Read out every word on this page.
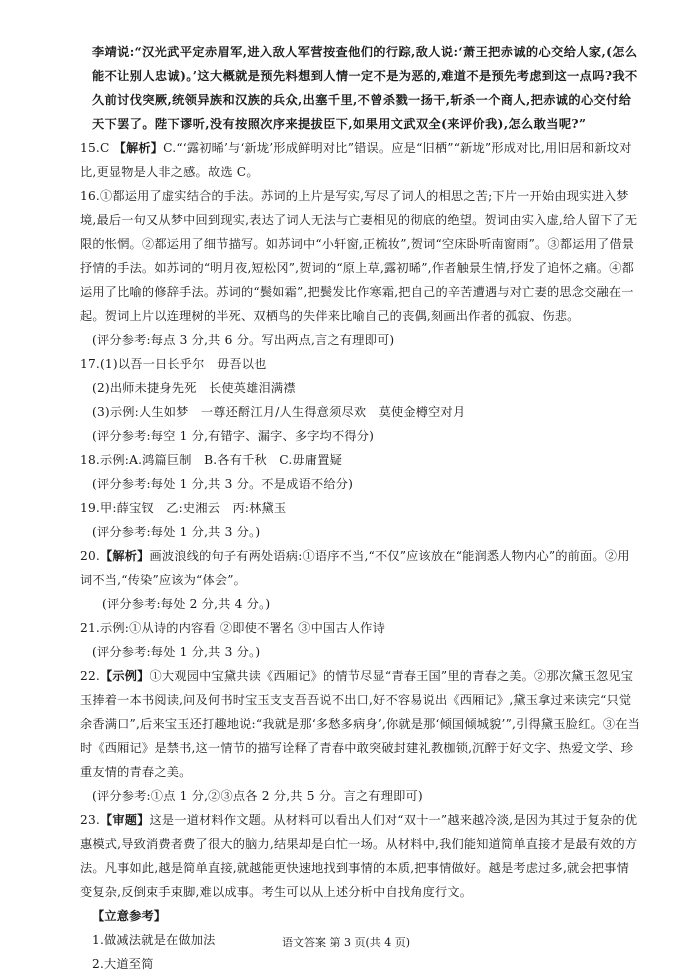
李靖说:“汉光武平定赤眉军,进入敌人军营按查他们的行踪,敌人说:‘萧王把赤诚的心交给人家,(怎么能不让别人忠诚)。’这大概就是预先料想到人情一定不是为恶的,难道不是预先考虑到这一点吗?我不久前讨伐突厥,统领异族和汉族的兵众,出塞千里,不曾杀戮一扬干,斩杀一个商人,把赤诚的心交付给天下罢了。陛下谬听,没有按照次序来提拔臣下,如果用文武双全(来评价我),怎么敢当呢?”

15.C 【解析】C.“‘露初晞’与‘新垅’形成鲜明对比”错误。应是“旧栖”“新垅”形成对比,用旧居和新坟对比,更显物是人非之感。故选 C。

16.①都运用了虚实结合的手法。苏词的上片是写实,写尽了词人的相思之苦;下片一开始由现实进入梦境,最后一句又从梦中回到现实,表达了词人无法与亡妻相见的彻底的绝望。贺词由实入虚,给人留下了无限的怅惘。②都运用了细节描写。如苏词中“小轩窗,正梳妆”,贺词“空床卧听南窗雨”。③都运用了借景抒情的手法。如苏词的“明月夜,短松冈”,贺词的“原上草,露初晞”,作者触景生情,抒发了追怀之痛。④都运用了比喻的修辞手法。苏词的“鬓如霜”,把鬓发比作寒霜,把自己的辛苦遭遇与对亡妻的思念交融在一起。贺词上片以连理树的半死、双栖鸟的失伴来比喻自己的丧偶,刻画出作者的孤寂、伤悲。

(评分参考:每点 3 分,共 6 分。写出两点,言之有理即可)

17.(1)以吾一日长乎尔　毋吾以也

(2)出师未捷身先死　长使英雄泪满襟

(3)示例:人生如梦　一尊还酹江月/人生得意须尽欢　莫使金樽空对月

(评分参考:每空 1 分,有错字、漏字、多字均不得分)

18.示例:A.鸿篇巨制　B.各有千秋　C.毋庸置疑

(评分参考:每处 1 分,共 3 分。不是成语不给分)

19.甲:薛宝钗　乙:史湘云　丙:林黛玉

(评分参考:每处 1 分,共 3 分。)

20.【解析】画波浪线的句子有两处语病:①语序不当,“不仅”应该放在“能润悉人物内心”的前面。②用词不当,“传染”应该为“体会”。

(评分参考:每处 2 分,共 4 分。)

21.示例:①从诗的内容看 ②即使不署名 ③中国古人作诗

(评分参考:每处 1 分,共 3 分。)

22.【示例】①大观园中宝黛共读《西厢记》的情节尽显“青春王国”里的青春之美。②那次黛玉忽见宝玉捧着一本书阅读,问及何书时宝玉支支吾吾说不出口,好不容易说出《西厢记》,黛玉拿过来读完“只觉余香满口”,后来宝玉还打趣地说:“我就是那‘多愁多病身’,你就是那‘倾国倾城貌’”,引得黛玉脸红。③在当时《西厢记》是禁书,这一情节的描写诠释了青春中敢突破封建礼教枷锁,沉醉于好文字、热爱文学、珍重友情的青春之美。

(评分参考:①点 1 分,②③点各 2 分,共 5 分。言之有理即可)

23.【审题】这是一道材料作文题。从材料可以看出人们对“双十一”越来越冷淡,是因为其过于复杂的优惠模式,导致消费者费了很大的脑力,结果却是白忙一场。从材料中,我们能知道简单直接才是最有效的方法。凡事如此,越是简单直接,就越能更快速地找到事情的本质,把事情做好。越是考虑过多,就会把事情变复杂,反倒束手束脚,难以成事。考生可以从上述分析中自找角度行文。

【立意参考】

1.做减法就是在做加法

2.大道至简

语文答案 第 3 页(共 4 页)
